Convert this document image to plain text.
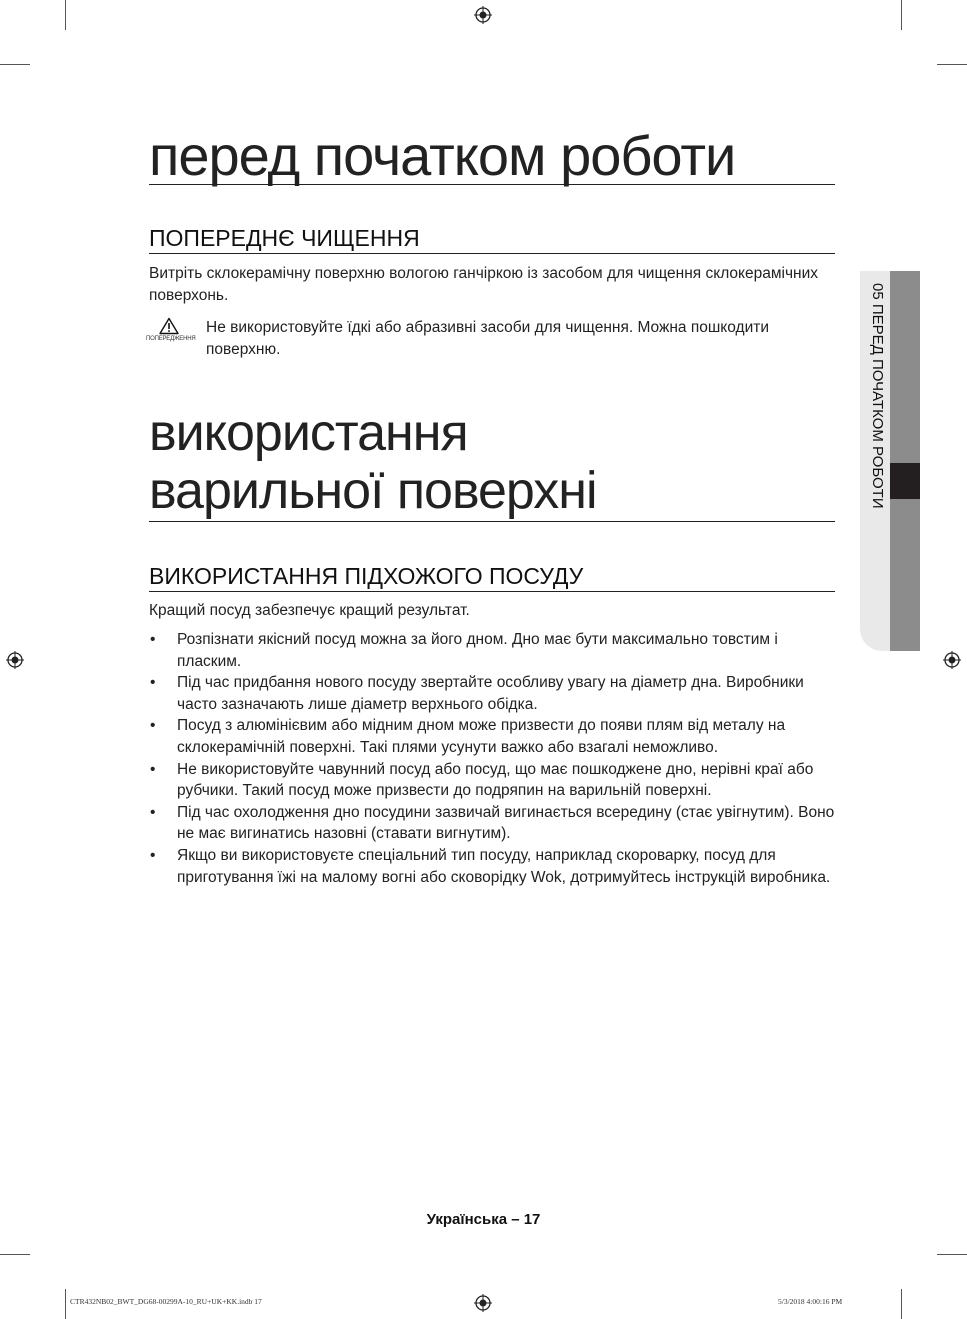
перед початком роботи
ПОПЕРЕДНЄ ЧИЩЕННЯ
Витріть склокерамічну поверхню вологою ганчіркою із засобом для чищення склокерамічних поверхонь.
ПОПЕРЕДЖЕННЯ
Не використовуйте їдкі або абразивні засоби для чищення. Можна пошкодити поверхню.
використання
варильної поверхні
ВИКОРИСТАННЯ ПІДХОЖОГО ПОСУДУ
Кращий посуд забезпечує кращий результат.
• Розпізнати якісний посуд можна за його дном. Дно має бути максимально товстим і пласким.
• Під час придбання нового посуду звертайте особливу увагу на діаметр дна. Виробники часто зазначають лише діаметр верхнього обідка.
• Посуд з алюмінієвим або мідним дном може призвести до появи плям від металу на склокерамічній поверхні. Такі плями усунути важко або взагалі неможливо.
• Не використовуйте чавунний посуд або посуд, що має пошкоджене дно, нерівні краї або рубчики. Такий посуд може призвести до подряпин на варильній поверхні.
• Під час охолодження дно посудини зазвичай вигинається всередину (стає увігнутим). Воно не має вигинатись назовні (ставати вигнутим).
• Якщо ви використовуєте спеціальний тип посуду, наприклад скороварку, посуд для приготування їжі на малому вогні або сковорідку Wok, дотримуйтесь інструкцій виробника.
05 ПЕРЕД ПОЧАТКОМ РОБОТИ
Українська – 17
CTR432NB02_BWT_DG68-00299A-10_RU+UK+KK.indb 17	5/3/2018 4:00:16 PM
